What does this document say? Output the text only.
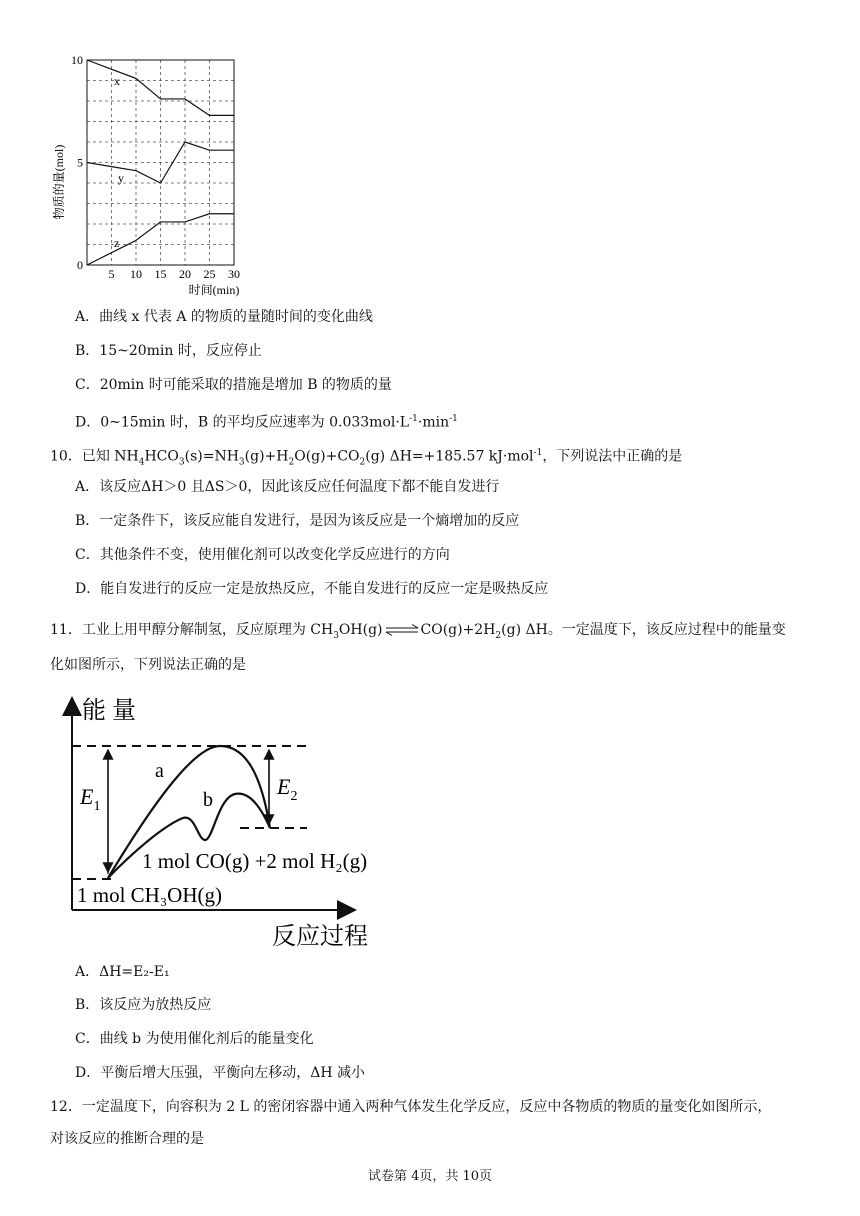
5 10 15 20 25 30
0
5
10
x
y
z
时间(min)
物质的量(mol)
A．曲线 x 代表 A 的物质的量随时间的变化曲线
B．15~20min 时，反应停止
C．20min 时可能采取的措施是增加 B 的物质的量
D．0~15min 时，B 的平均反应速率为 $0.033mol\cdot L^{-1}\cdot\min^{-1}$
10．已知 $NH_4HCO_3(s)=NH_3(g)+H_2O(g)+CO_2(g)$ ΔH=+185.57 kJ·mol$^{-1}$，下列说法中正确的是
A．该反应ΔH＞0 且ΔS＞0，因此该反应任何温度下都不能自发进行
B．一定条件下，该反应能自发进行，是因为该反应是一个熵增加的反应
C．其他条件不变，使用催化剂可以改变化学反应进行的方向
D．能自发进行的反应一定是放热反应，不能自发进行的反应一定是吸热反应
11．工业上用甲醇分解制氢，反应原理为 $CH_3OH(g)$ ⇌ $CO(g)+2H_2(g)$ ΔH。一定温度下，该反应过程中的能量变
化如图所示，下列说法正确的是
能 量
反应过程
a
b
$E_1$
$E_2$
1 mol CO(g) +2 mol H₂(g)
1 mol CH₃OH(g)
A．ΔH=E₂-E₁
B．该反应为放热反应
C．曲线 b 为使用催化剂后的能量变化
D．平衡后增大压强，平衡向左移动，ΔH 减小
12．一定温度下，向容积为 2 L 的密闭容器中通入两种气体发生化学反应，反应中各物质的物质的量变化如图所示，
对该反应的推断合理的是
试卷第 4页，共 10页
